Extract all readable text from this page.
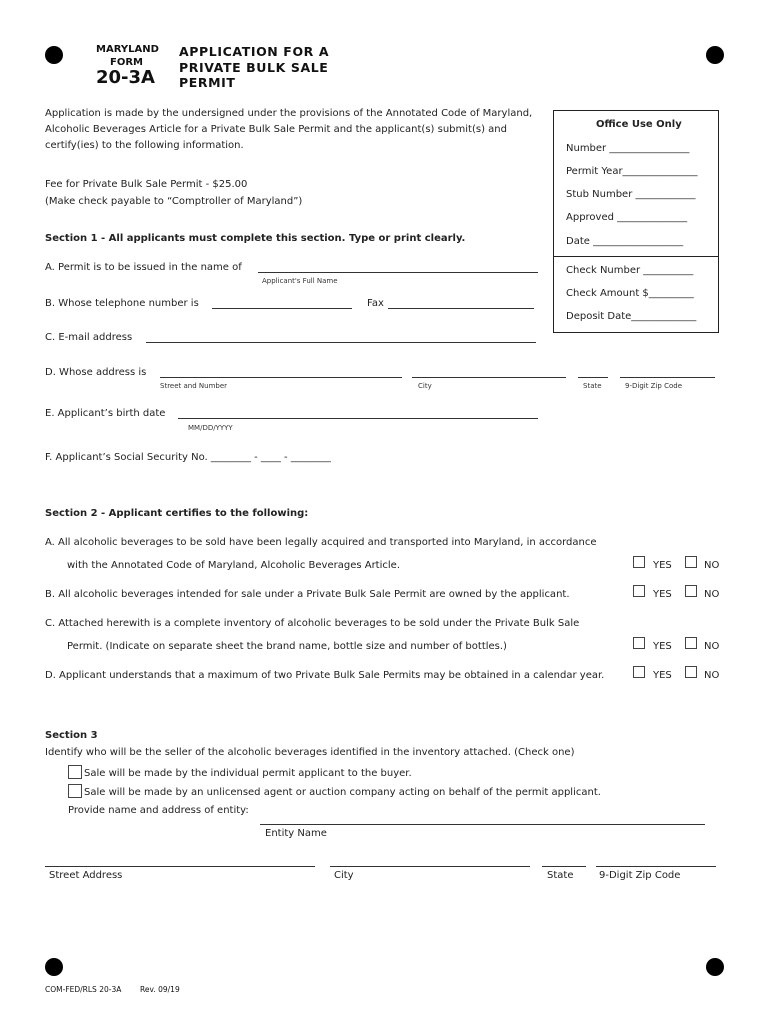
MARYLAND
FORM
20-3A
APPLICATION FOR A
PRIVATE BULK SALE
PERMIT
Application is made by the undersigned under the provisions of the Annotated Code of Maryland,
Alcoholic Beverages Article for a Private Bulk Sale Permit and the applicant(s) submit(s) and
certify(ies) to the following information.
Fee for Private Bulk Sale Permit - $25.00
(Make check payable to “Comptroller of Maryland”)
Office Use Only
Number ________________
Permit Year_______________
Stub Number ____________
Approved ______________
Date __________________
Check Number __________
Check Amount $_________
Deposit Date_____________
Section 1 - All applicants must complete this section. Type or print clearly.
A. Permit is to be issued in the name of
Applicant's Full Name
B. Whose telephone number is	Fax
C. E-mail address
D. Whose address is
Street and Number	City	State	9-Digit Zip Code
E. Applicant’s birth date
MM/DD/YYYY
F. Applicant’s Social Security No. ________ - ____ - ________
Section 2 - Applicant certifies to the following:
A. All alcoholic beverages to be sold have been legally acquired and transported into Maryland, in accordance
with the Annotated Code of Maryland, Alcoholic Beverages Article.	YES	NO
B. All alcoholic beverages intended for sale under a Private Bulk Sale Permit are owned by the applicant.	YES	NO
C. Attached herewith is a complete inventory of alcoholic beverages to be sold under the Private Bulk Sale
Permit. (Indicate on separate sheet the brand name, bottle size and number of bottles.)	YES	NO
D. Applicant understands that a maximum of two Private Bulk Sale Permits may be obtained in a calendar year.	YES	NO
Section 3
Identify who will be the seller of the alcoholic beverages identified in the inventory attached. (Check one)
Sale will be made by the individual permit applicant to the buyer.
Sale will be made by an unlicensed agent or auction company acting on behalf of the permit applicant.
Provide name and address of entity:
Entity Name
Street Address	City	State	9-Digit Zip Code
COM-FED/RLS 20-3A Rev. 09/19
